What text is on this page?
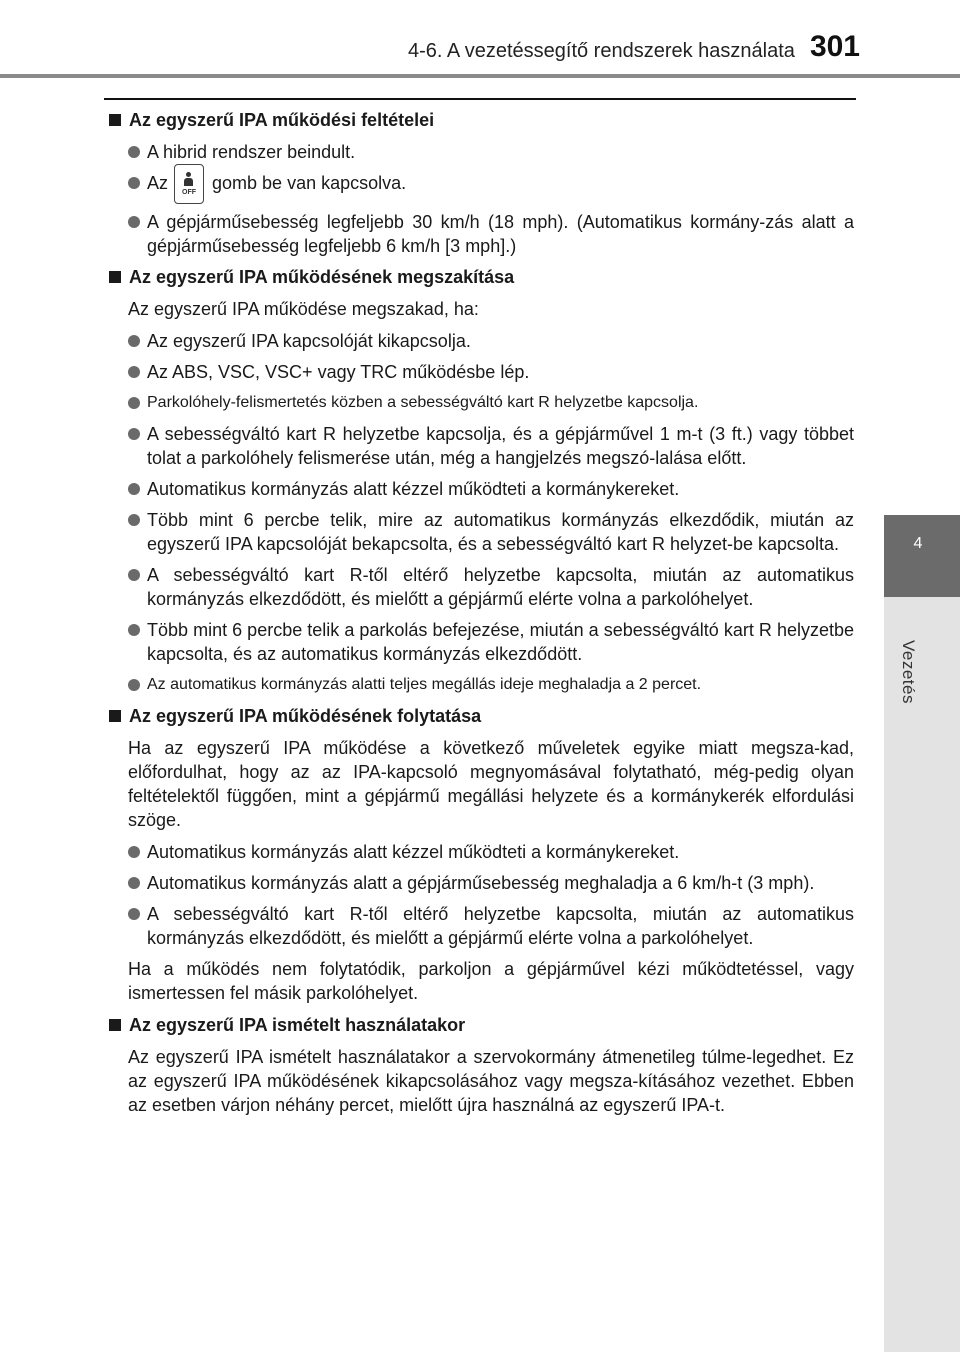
4-6. A vezetéssegítő rendszerek használata 301
4
Vezetés
Az egyszerű IPA működési feltételei
A hibrid rendszer beindult.
Az	OFF gomb be van kapcsolva.
A gépjárműsebesség legfeljebb 30 km/h (18 mph). (Automatikus kormány-zás alatt a gépjárműsebesség legfeljebb 6 km/h [3 mph].)
Az egyszerű IPA működésének megszakítása
Az egyszerű IPA működése megszakad, ha:
Az egyszerű IPA kapcsolóját kikapcsolja.
Az ABS, VSC, VSC+ vagy TRC működésbe lép.
Parkolóhely-felismertetés közben a sebességváltó kart R helyzetbe kapcsolja.
A sebességváltó kart R helyzetbe kapcsolja, és a gépjárművel 1 m-t (3 ft.) vagy többet tolat a parkolóhely felismerése után, még a hangjelzés megszó-lalása előtt.
Automatikus kormányzás alatt kézzel működteti a kormánykereket.
Több mint 6 percbe telik, mire az automatikus kormányzás elkezdődik, miután az egyszerű IPA kapcsolóját bekapcsolta, és a sebességváltó kart R helyzet-be kapcsolta.
A sebességváltó kart R-től eltérő helyzetbe kapcsolta, miután az automatikus kormányzás elkezdődött, és mielőtt a gépjármű elérte volna a parkolóhelyet.
Több mint 6 percbe telik a parkolás befejezése, miután a sebességváltó kart R helyzetbe kapcsolta, és az automatikus kormányzás elkezdődött.
Az automatikus kormányzás alatti teljes megállás ideje meghaladja a 2 percet.
Az egyszerű IPA működésének folytatása
Ha az egyszerű IPA működése a következő műveletek egyike miatt megsza-kad, előfordulhat, hogy az az IPA-kapcsoló megnyomásával folytatható, még-pedig olyan feltételektől függően, mint a gépjármű megállási helyzete és a kormánykerék elfordulási szöge.
Automatikus kormányzás alatt kézzel működteti a kormánykereket.
Automatikus kormányzás alatt a gépjárműsebesség meghaladja a 6 km/h-t (3 mph).
A sebességváltó kart R-től eltérő helyzetbe kapcsolta, miután az automatikus kormányzás elkezdődött, és mielőtt a gépjármű elérte volna a parkolóhelyet.
Ha a működés nem folytatódik, parkoljon a gépjárművel kézi működtetéssel, vagy ismertessen fel másik parkolóhelyet.
Az egyszerű IPA ismételt használatakor
Az egyszerű IPA ismételt használatakor a szervokormány átmenetileg túlme-legedhet. Ez az egyszerű IPA működésének kikapcsolásához vagy megsza-kításához vezethet. Ebben az esetben várjon néhány percet, mielőtt újra használná az egyszerű IPA-t.
